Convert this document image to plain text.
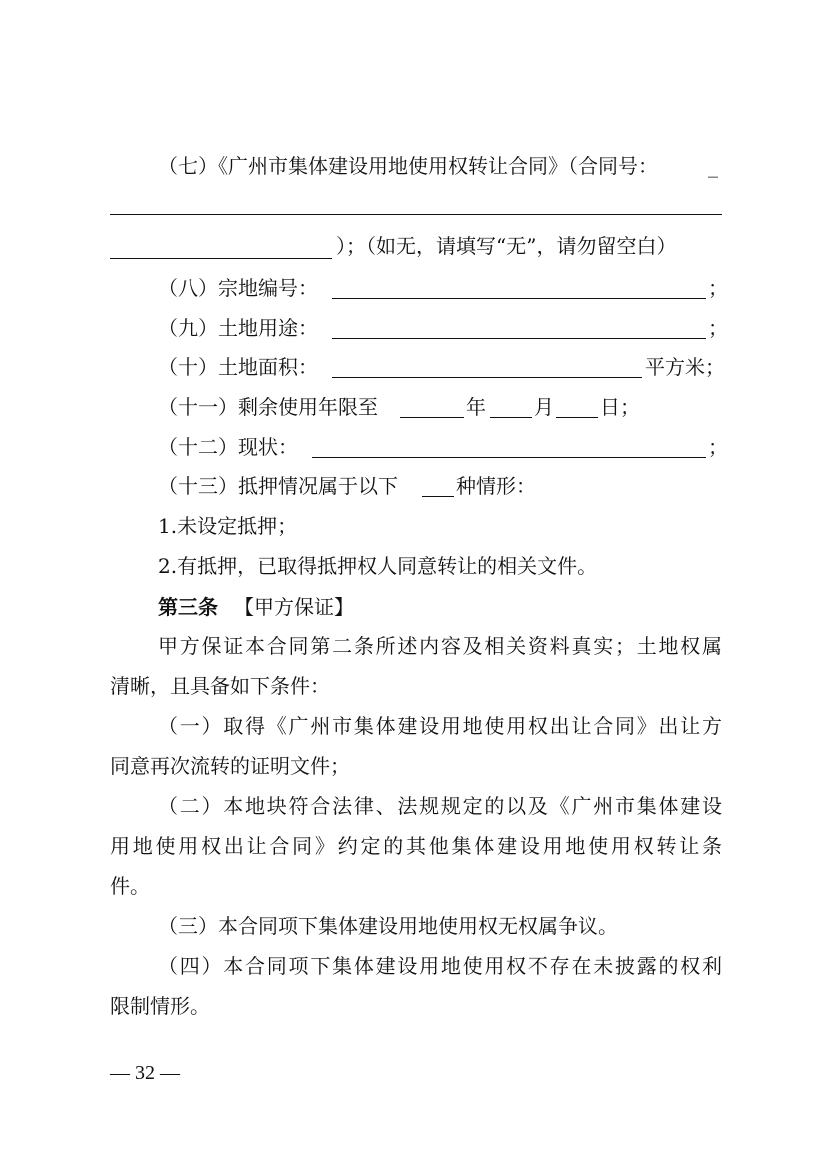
（七）《广州市集体建设用地使用权转让合同》（合同号：	_
）；（如无，请填写“无”，请勿留空白）
（八）宗地编号：	；
（九）土地用途：	；
（十）土地面积：	平方米；
（十一）剩余使用年限至	年 月 日；
（十二）现状：	；
（十三）抵押情况属于以下	种情形：
1.未设定抵押；
2.有抵押，已取得抵押权人同意转让的相关文件。
第三条 【甲方保证】
甲方保证本合同第二条所述内容及相关资料真实；土地权属
清晰，且具备如下条件：
（一）取得《广州市集体建设用地使用权出让合同》出让方
同意再次流转的证明文件；
（二）本地块符合法律、法规规定的以及《广州市集体建设
用地使用权出让合同》约定的其他集体建设用地使用权转让条
件。
（三）本合同项下集体建设用地使用权无权属争议。
（四）本合同项下集体建设用地使用权不存在未披露的权利
限制情形。
— 32 —
